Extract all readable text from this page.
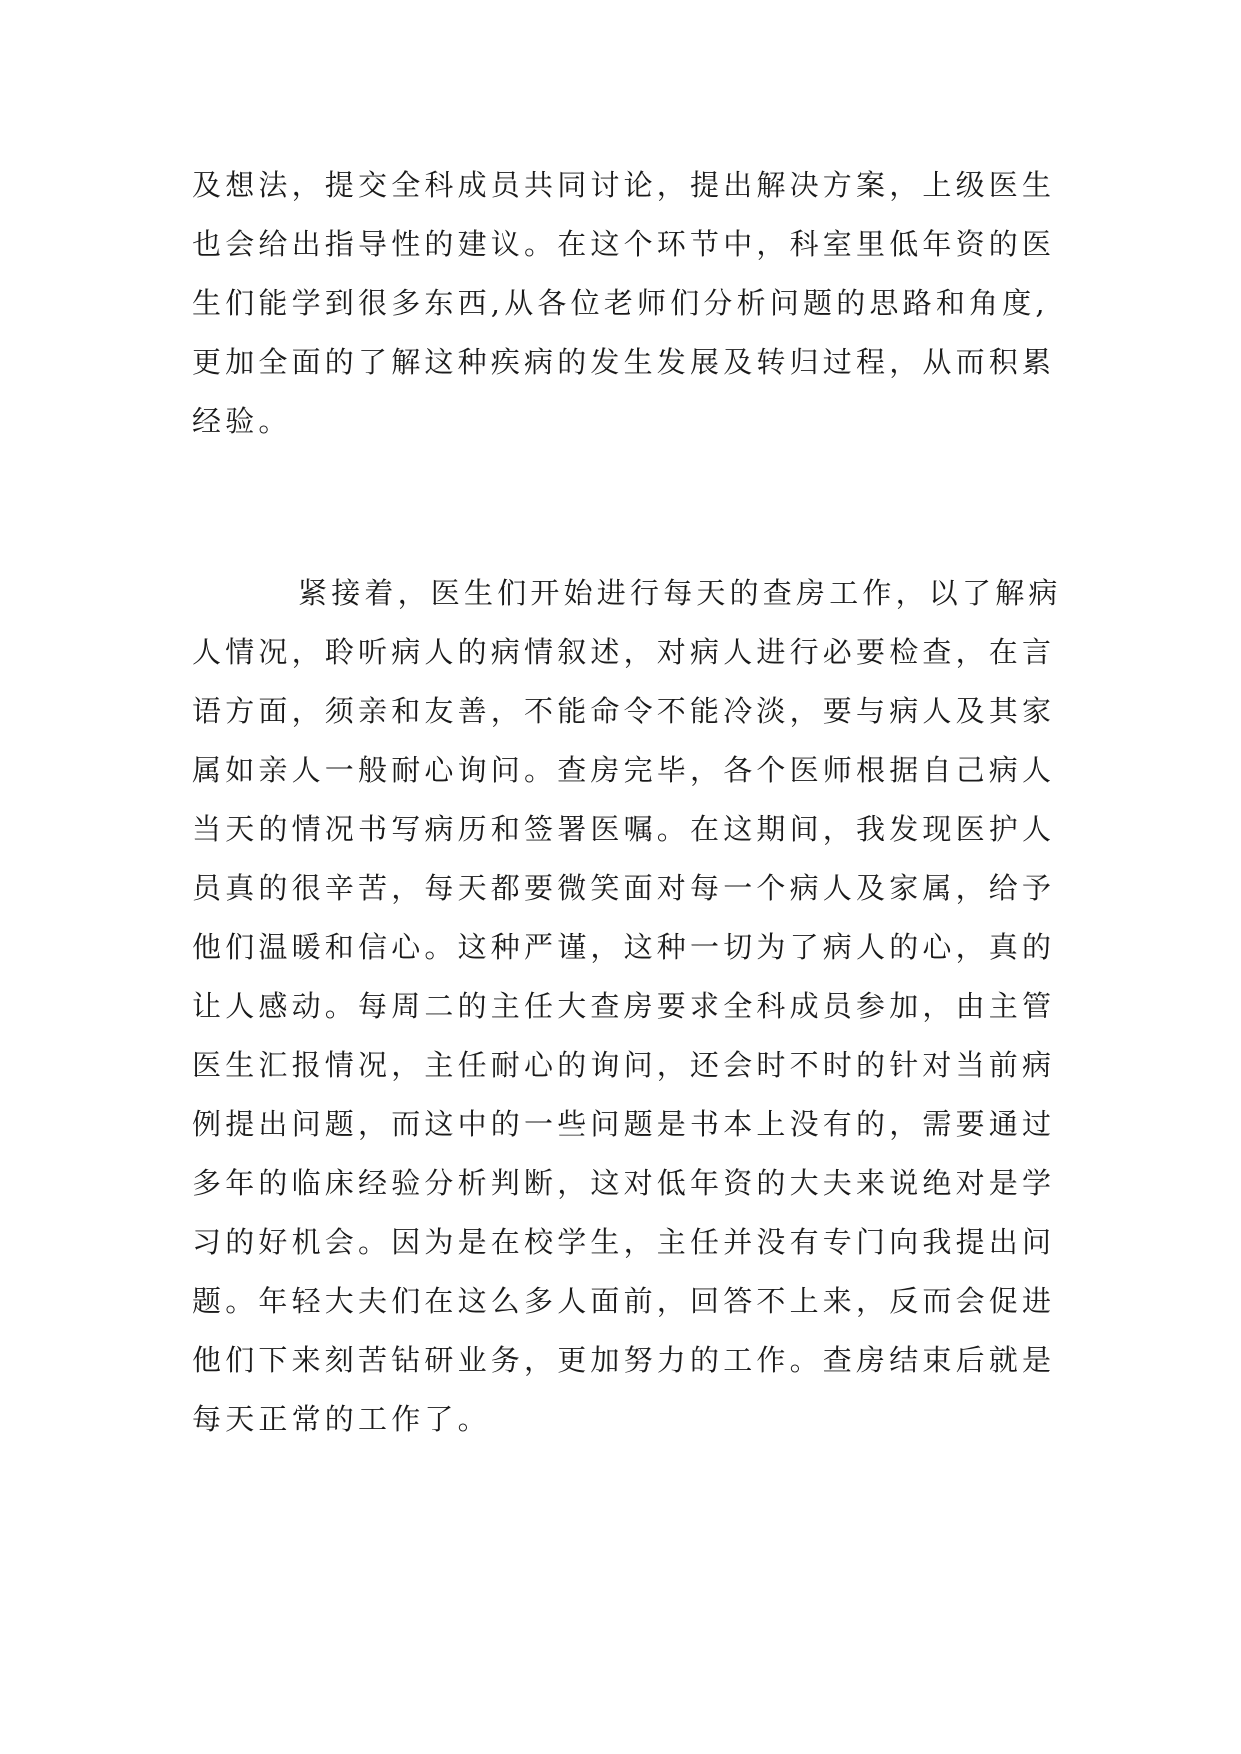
及想法，提交全科成员共同讨论，提出解决方案，上级医生
也会给出指导性的建议。在这个环节中，科室里低年资的医
生们能学到很多东西,从各位老师们分析问题的思路和角度,
更加全面的了解这种疾病的发生发展及转归过程，从而积累
经验。
紧接着，医生们开始进行每天的查房工作，以了解病
人情况，聆听病人的病情叙述，对病人进行必要检查，在言
语方面，须亲和友善，不能命令不能冷淡，要与病人及其家
属如亲人一般耐心询问。查房完毕，各个医师根据自己病人
当天的情况书写病历和签署医嘱。在这期间，我发现医护人
员真的很辛苦，每天都要微笑面对每一个病人及家属，给予
他们温暖和信心。这种严谨，这种一切为了病人的心，真的
让人感动。每周二的主任大查房要求全科成员参加，由主管
医生汇报情况，主任耐心的询问，还会时不时的针对当前病
例提出问题，而这中的一些问题是书本上没有的，需要通过
多年的临床经验分析判断，这对低年资的大夫来说绝对是学
习的好机会。因为是在校学生，主任并没有专门向我提出问
题。年轻大夫们在这么多人面前，回答不上来，反而会促进
他们下来刻苦钻研业务，更加努力的工作。查房结束后就是
每天正常的工作了。
